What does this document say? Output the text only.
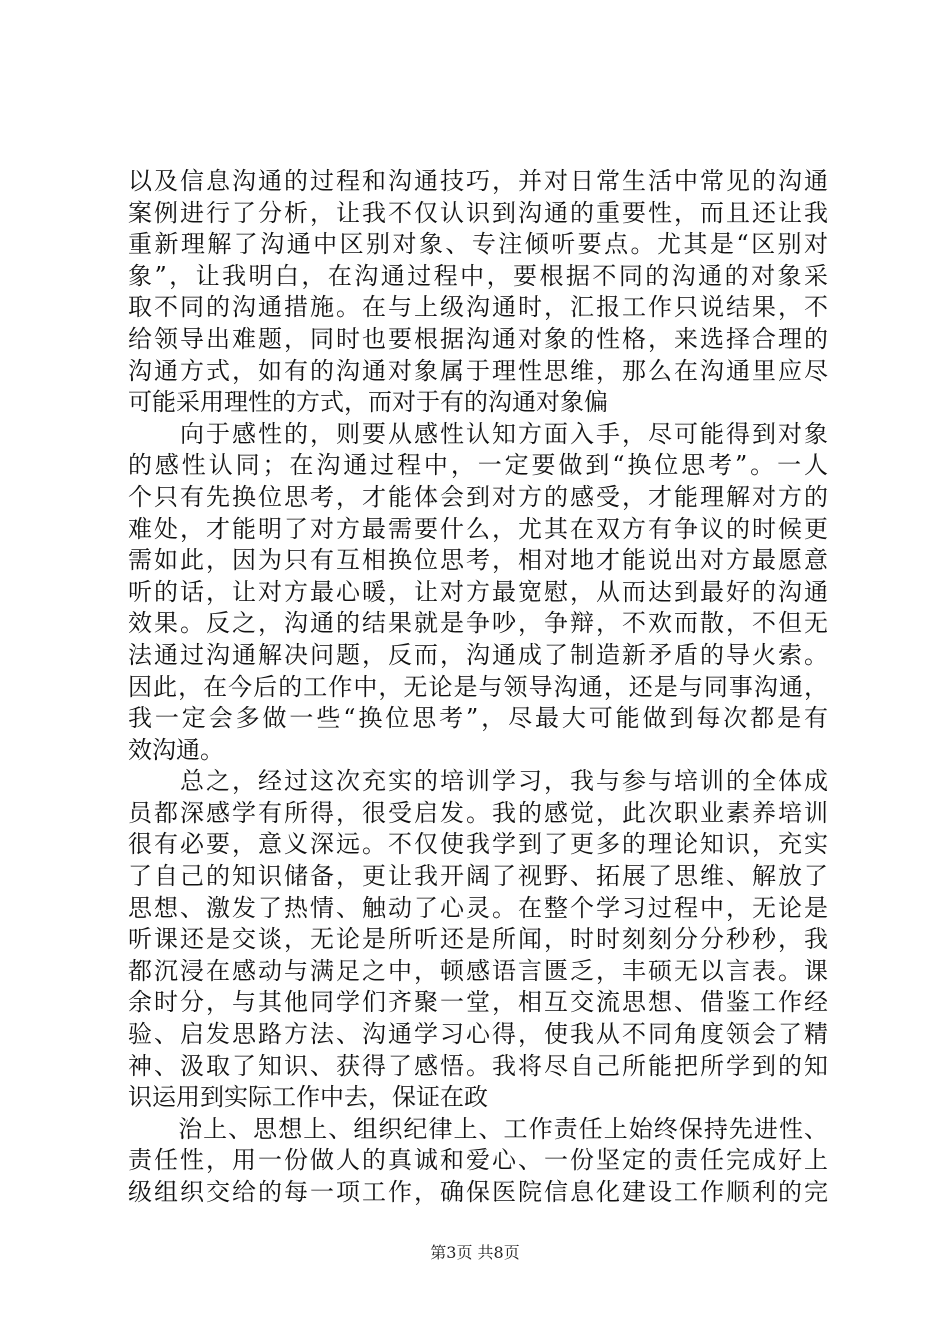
以及信息沟通的过程和沟通技巧，并对日常生活中常见的沟通
案例进行了分析，让我不仅认识到沟通的重要性，而且还让我
重新理解了沟通中区别对象、专注倾听要点。尤其是“区别对
象”，让我明白，在沟通过程中，要根据不同的沟通的对象采
取不同的沟通措施。在与上级沟通时，汇报工作只说结果，不
给领导出难题，同时也要根据沟通对象的性格，来选择合理的
沟通方式，如有的沟通对象属于理性思维，那么在沟通里应尽
可能采用理性的方式，而对于有的沟通对象偏
　　向于感性的，则要从感性认知方面入手，尽可能得到对象
的感性认同；在沟通过程中，一定要做到“换位思考”。一人
个只有先换位思考，才能体会到对方的感受，才能理解对方的
难处，才能明了对方最需要什么，尤其在双方有争议的时候更
需如此，因为只有互相换位思考，相对地才能说出对方最愿意
听的话，让对方最心暖，让对方最宽慰，从而达到最好的沟通
效果。反之，沟通的结果就是争吵，争辩，不欢而散，不但无
法通过沟通解决问题，反而，沟通成了制造新矛盾的导火索。
因此，在今后的工作中，无论是与领导沟通，还是与同事沟通，
我一定会多做一些“换位思考”，尽最大可能做到每次都是有
效沟通。
　　总之，经过这次充实的培训学习，我与参与培训的全体成
员都深感学有所得，很受启发。我的感觉，此次职业素养培训
很有必要，意义深远。不仅使我学到了更多的理论知识，充实
了自己的知识储备，更让我开阔了视野、拓展了思维、解放了
思想、激发了热情、触动了心灵。在整个学习过程中，无论是
听课还是交谈，无论是所听还是所闻，时时刻刻分分秒秒，我
都沉浸在感动与满足之中，顿感语言匮乏，丰硕无以言表。课
余时分，与其他同学们齐聚一堂，相互交流思想、借鉴工作经
验、启发思路方法、沟通学习心得，使我从不同角度领会了精
神、汲取了知识、获得了感悟。我将尽自己所能把所学到的知
识运用到实际工作中去，保证在政
　　治上、思想上、组织纪律上、工作责任上始终保持先进性、
责任性，用一份做人的真诚和爱心、一份坚定的责任完成好上
级组织交给的每一项工作，确保医院信息化建设工作顺利的完
第3页 共8页
